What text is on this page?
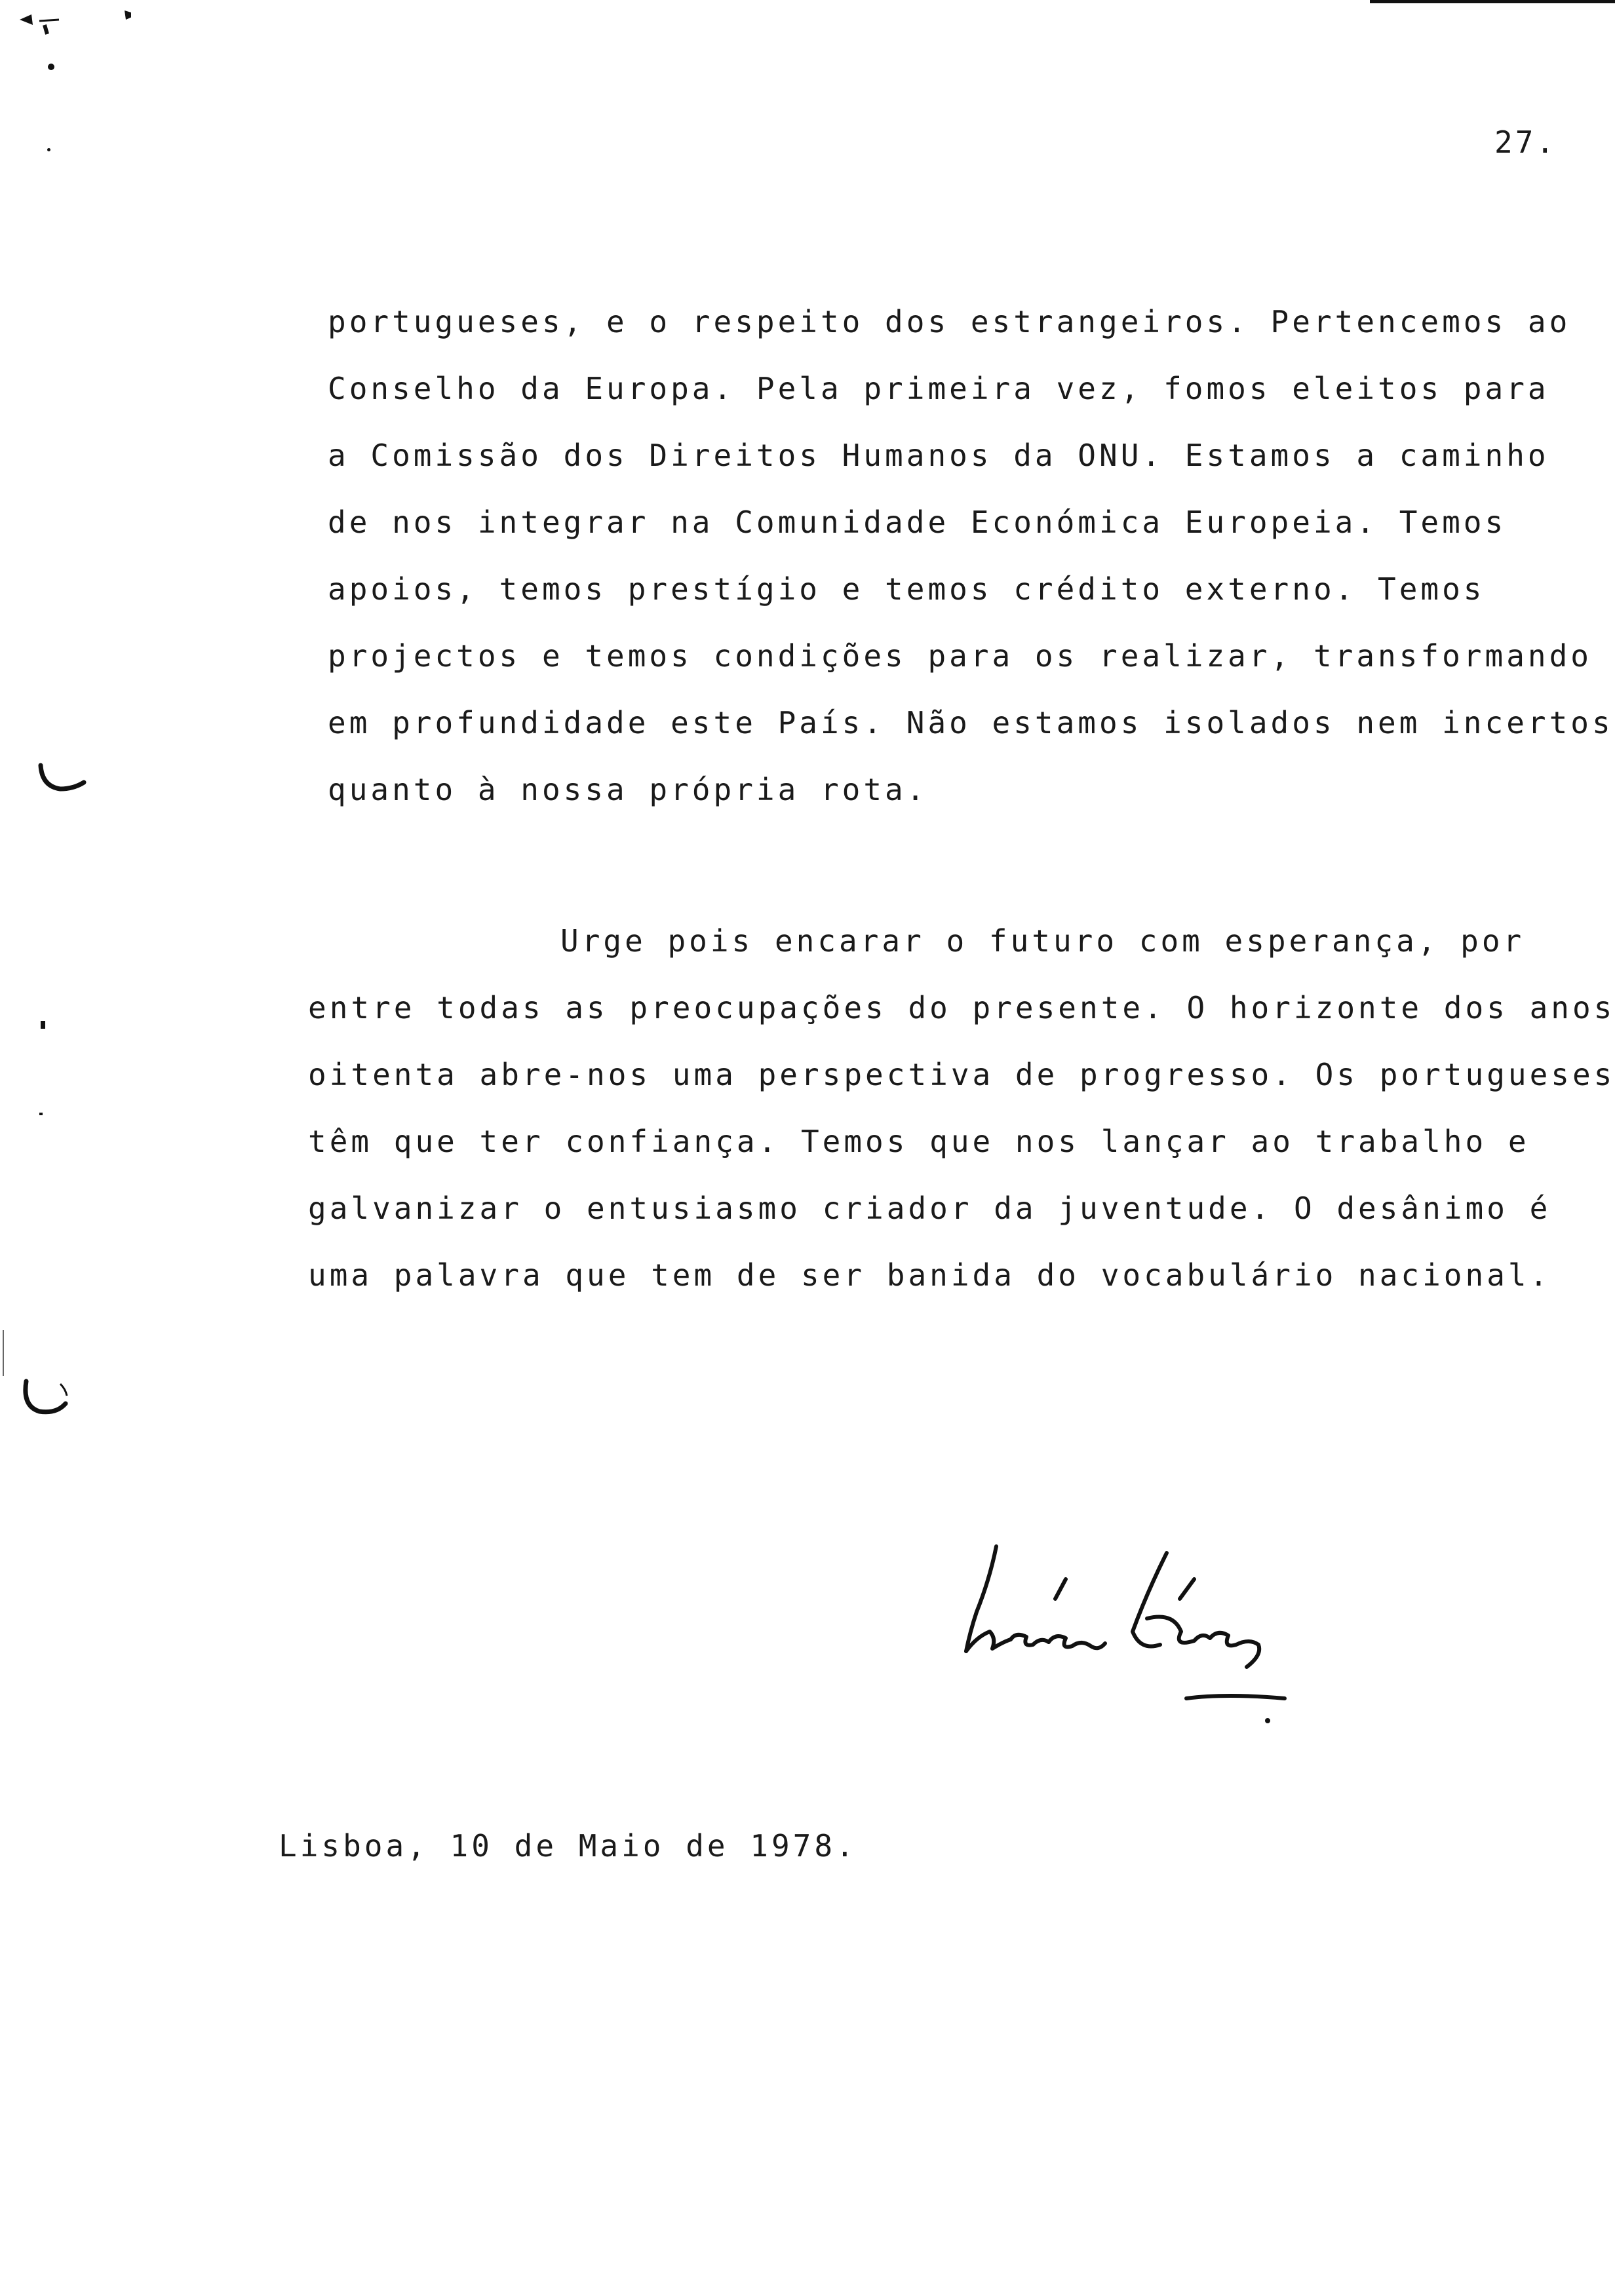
27.
portugueses, e o respeito dos estrangeiros. Pertencemos ao
Conselho da Europa. Pela primeira vez, fomos eleitos para
a Comissão dos Direitos Humanos da ONU. Estamos a caminho
de nos integrar na Comunidade Económica Europeia. Temos
apoios, temos prestígio e temos crédito externo. Temos
projectos e temos condições para os realizar, transformando
em profundidade este País. Não estamos isolados nem incertos
quanto à nossa própria rota.
Urge pois encarar o futuro com esperança, por
entre todas as preocupações do presente. O horizonte dos anos
oitenta abre-nos uma perspectiva de progresso. Os portugueses
têm que ter confiança. Temos que nos lançar ao trabalho e
galvanizar o entusiasmo criador da juventude. O desânimo é
uma palavra que tem de ser banida do vocabulário nacional.
Lisboa, 10 de Maio de 1978.
